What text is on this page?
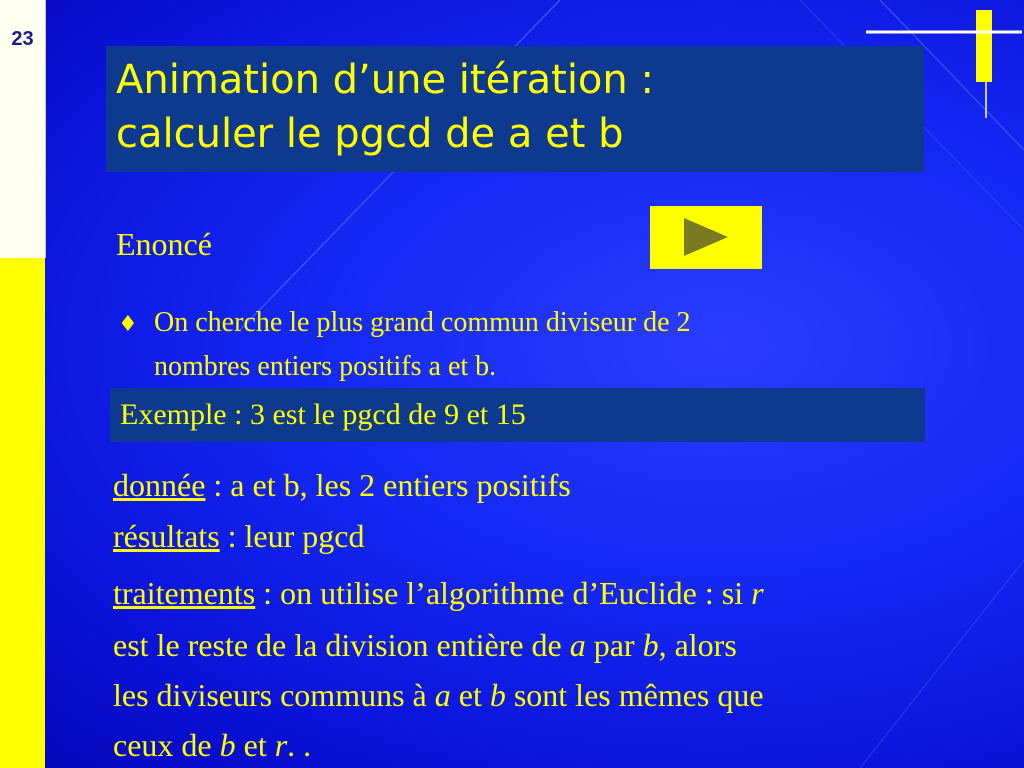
23
Animation d’une itération :
calculer le pgcd de a et b
Enoncé
♦ On cherche le plus grand commun diviseur de 2
nombres entiers positifs a et b.
Exemple : 3 est le pgcd de 9 et 15
donnée : a et b, les 2 entiers positifs
résultats : leur pgcd
traitements : on utilise l’algorithme d’Euclide : si r
est le reste de la division entière de a par b, alors
les diviseurs communs à a et b sont les mêmes que
ceux de b et r. .
